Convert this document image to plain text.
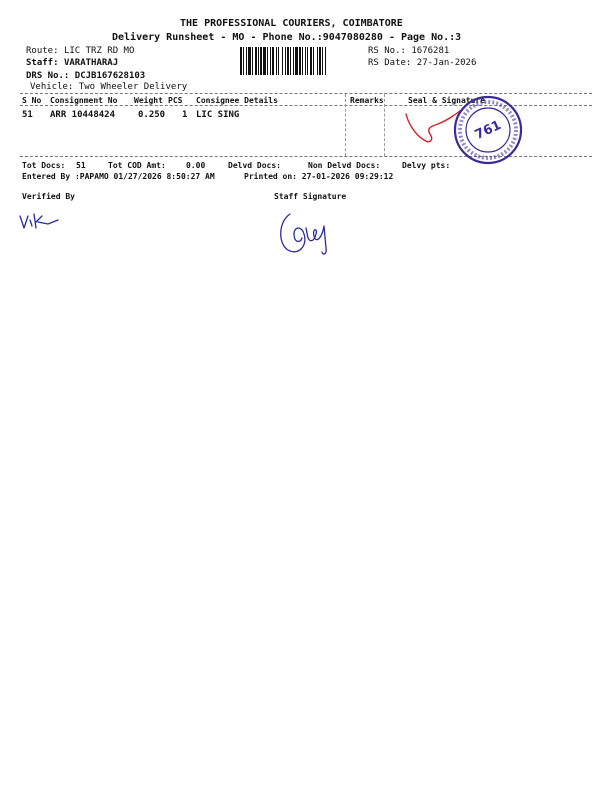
THE PROFESSIONAL COURIERS, COIMBATORE
Delivery Runsheet - MO - Phone No.:9047080280 - Page No.:3
Route: LIC TRZ RD MO
Staff: VARATHARAJ
DRS No.: DCJB167628103
Vehicle: Two Wheeler Delivery
RS No.: 1676281
RS Date: 27-Jan-2026
S No Consignment No Weight PCS Consignee Details	Remarks	Seal & Signature
51 ARR 10448424	0.250 1 LIC SING
761
Tot Docs: 51	Tot COD Amt:	0.00	Delvd Docs:	Non Delvd Docs:	Delvy pts:
Entered By :PAPAMO 01/27/2026 8:50:27 AM	Printed on: 27-01-2026 09:29:12
Verified By	Staff Signature
